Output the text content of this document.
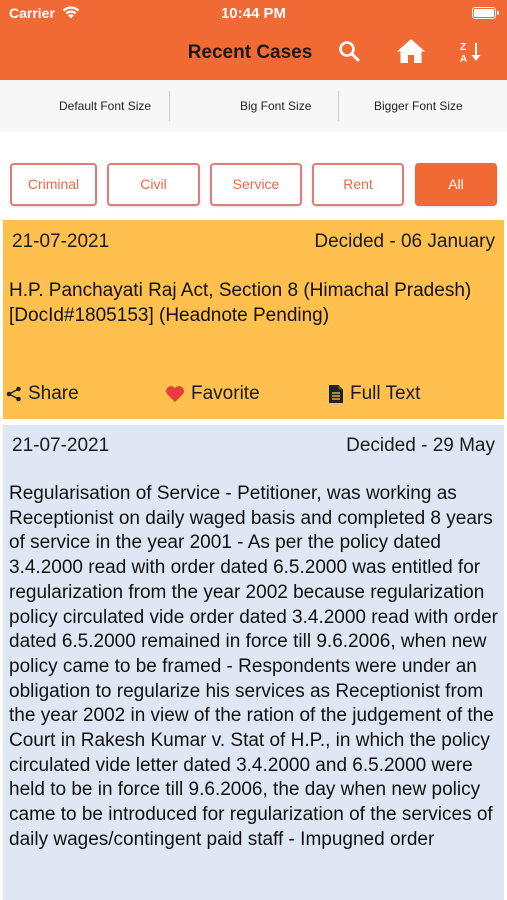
Carrier	10:44 PM
Recent Cases	Z
A
Default Font Size	Big Font Size	Bigger Font Size
Criminal	Civil	Service	Rent	All
21-07-2021	Decided - 06 January
H.P. Panchayati Raj Act, Section 8 (Himachal Pradesh) [DocId#1805153] (Headnote Pending)
Share	Favorite	Full Text
21-07-2021	Decided - 29 May
Regularisation of Service - Petitioner, was working as Receptionist on daily waged basis and completed 8 years of service in the year 2001 - As per the policy dated 3.4.2000 read with order dated 6.5.2000 was entitled for regularization from the year 2002 because regularization policy circulated vide order dated 3.4.2000 read with order dated 6.5.2000 remained in force till 9.6.2006, when new policy came to be framed - Respondents were under an obligation to regularize his services as Receptionist from the year 2002 in view of the ration of the judgement of the Court in Rakesh Kumar v. Stat of H.P., in which the policy circulated vide letter dated 3.4.2000 and 6.5.2000 were held to be in force till 9.6.2006, the day when new policy came to be introduced for regularization of the services of daily wages/contingent paid staff - Impugned order
